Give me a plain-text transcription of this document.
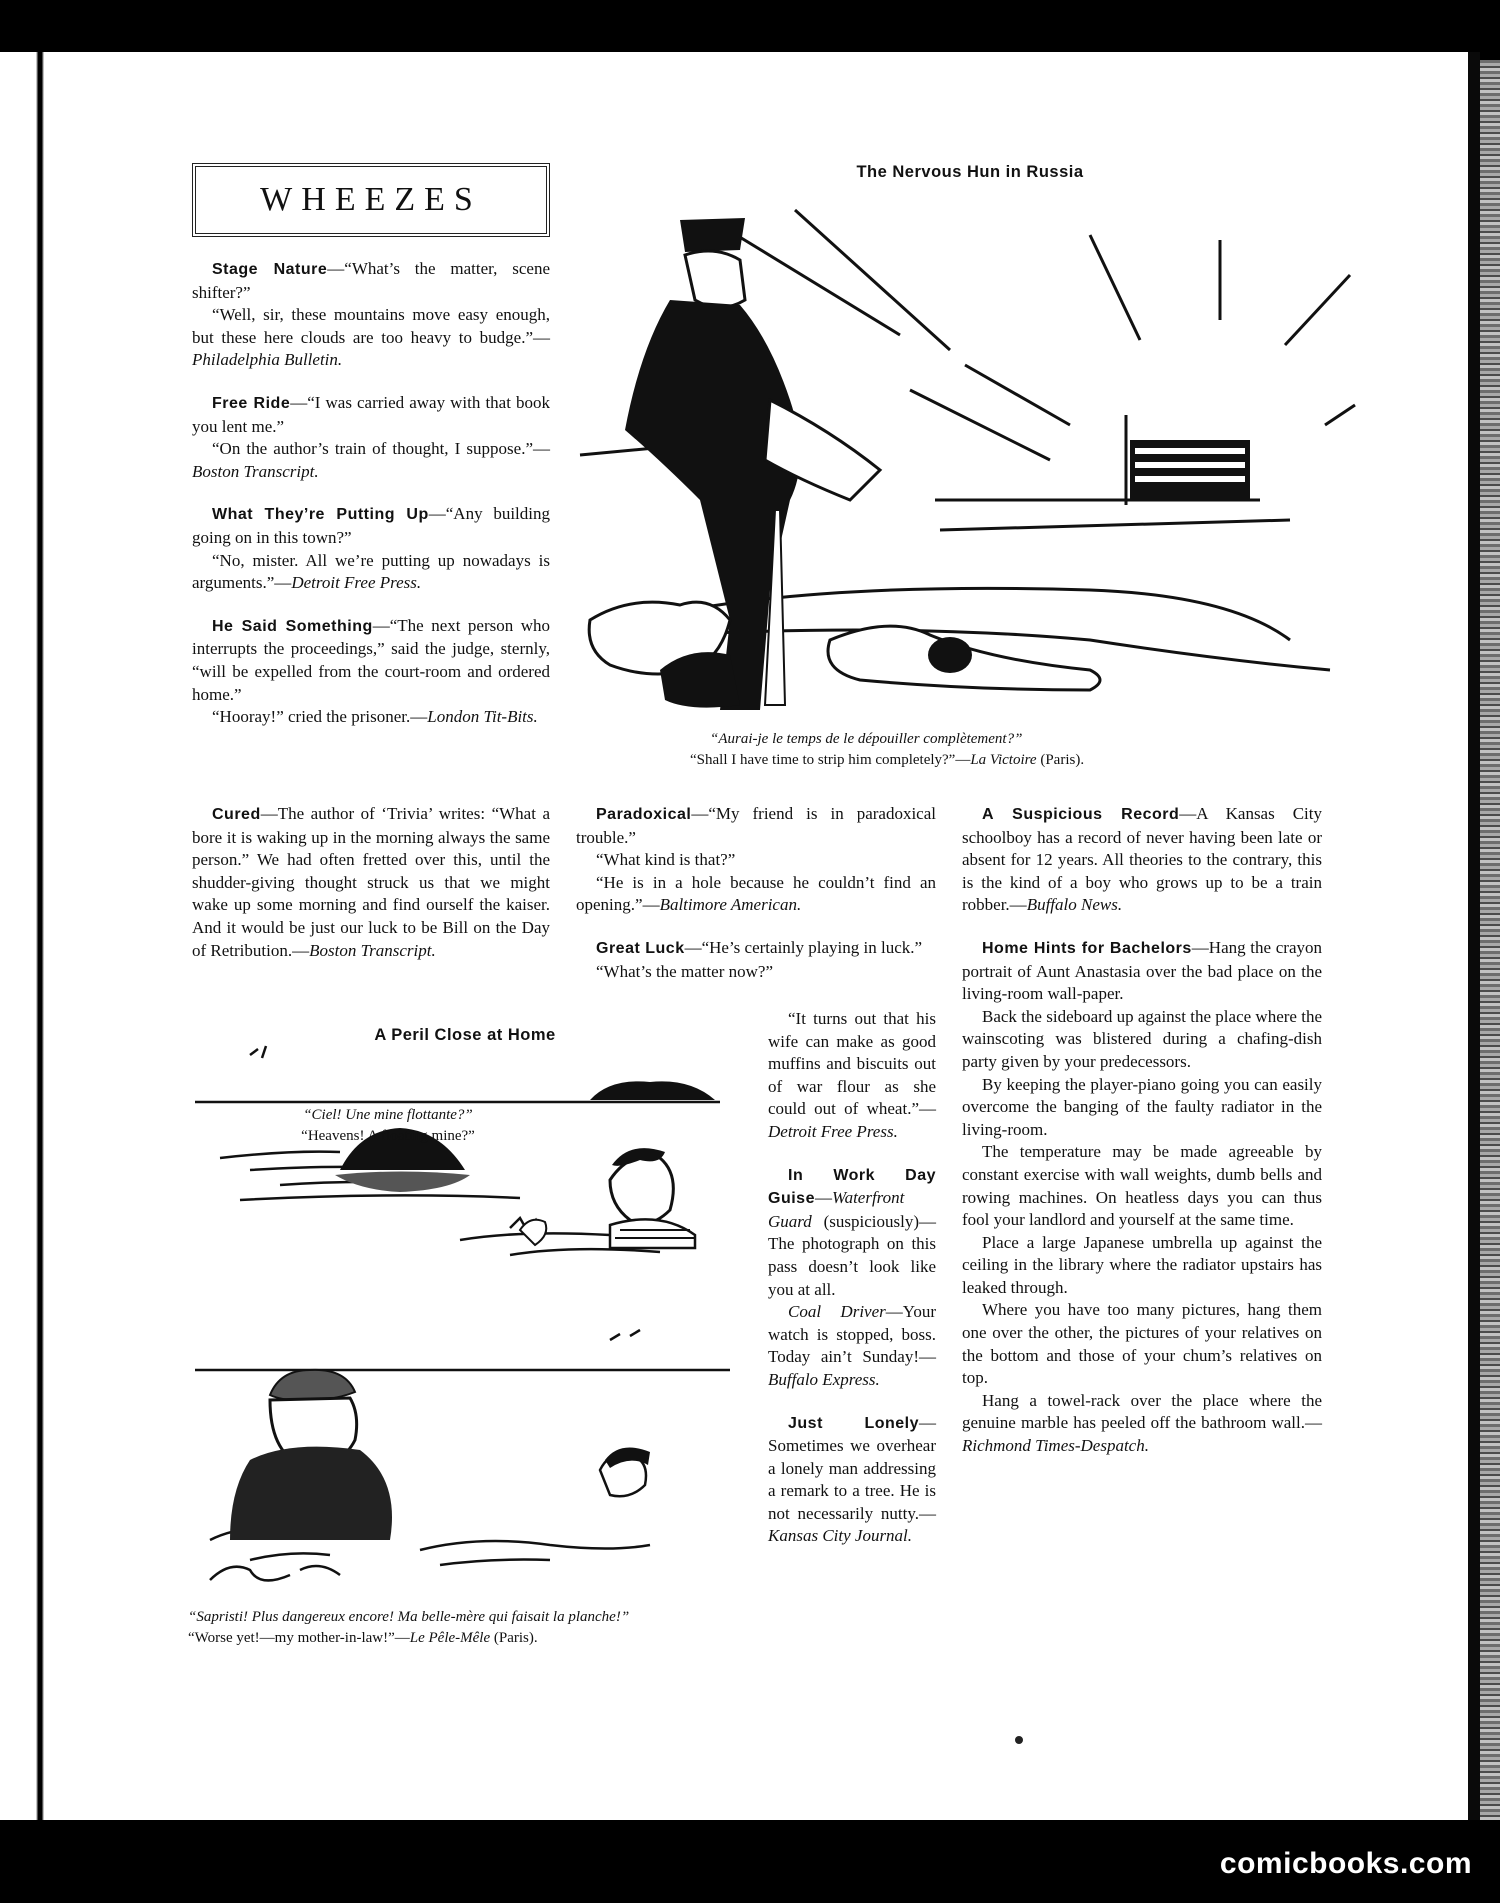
WHEEZES
The Nervous Hun in Russia
“Aurai-je le temps de le dépouiller complètement?”
“Shall I have time to strip him completely?”—La Victoire (Paris).

Stage Nature—“What’s the matter, scene shifter?”

“Well, sir, these mountains move easy enough, but these here clouds are too heavy to budge.”—Philadelphia Bulletin.

Free Ride—“I was carried away with that book you lent me.”

“On the author’s train of thought, I suppose.”—Boston Transcript.

What They’re Putting Up—“Any building going on in this town?”

“No, mister. All we’re putting up nowadays is arguments.”—Detroit Free Press.

He Said Something—“The next person who interrupts the proceedings,” said the judge, sternly, “will be expelled from the court-room and ordered home.”

“Hooray!” cried the prisoner.—London Tit-Bits.

Cured—The author of ‘Trivia’ writes: “What a bore it is waking up in the morning always the same person.” We had often fretted over this, until the shudder-giving thought struck us that we might wake up some morning and find ourself the kaiser. And it would be just our luck to be Bill on the Day of Retribution.—Boston Transcript.

A Peril Close at Home
“Ciel! Une mine flottante?”
“Heavens! A floating mine?”
“Sapristi! Plus dangereux encore! Ma belle-mère qui faisait la planche!”
“Worse yet!—my mother-in-law!”—Le Pêle-Mêle (Paris).

Paradoxical—“My friend is in paradoxical trouble.”

“What kind is that?”

“He is in a hole because he couldn’t find an opening.”—Baltimore American.

Great Luck—“He’s certainly playing in luck.”

“What’s the matter now?”

“It turns out that his wife can make as good muffins and biscuits out of war flour as she could out of wheat.”—Detroit Free Press.

In Work Day Guise—Waterfront Guard (suspiciously)—The photograph on this pass doesn’t look like you at all.

Coal Driver—Your watch is stopped, boss. Today ain’t Sunday!—Buffalo Express.

Just Lonely—Sometimes we overhear a lonely man addressing a remark to a tree. He is not necessarily nutty.—Kansas City Journal.

A Suspicious Record—A Kansas City schoolboy has a record of never having been late or absent for 12 years. All theories to the contrary, this is the kind of a boy who grows up to be a train robber.—Buffalo News.

Home Hints for Bachelors—Hang the crayon portrait of Aunt Anastasia over the bad place on the living-room wall-paper.

Back the sideboard up against the place where the wainscoting was blistered during a chafing-dish party given by your predecessors.

By keeping the player-piano going you can easily overcome the banging of the faulty radiator in the living-room.

The temperature may be made agreeable by constant exercise with wall weights, dumb bells and rowing machines. On heatless days you can thus fool your landlord and yourself at the same time.

Place a large Japanese umbrella up against the ceiling in the library where the radiator upstairs has leaked through.

Where you have too many pictures, hang them one over the other, the pictures of your relatives on the bottom and those of your chum’s relatives on top.

Hang a towel-rack over the place where the genuine marble has peeled off the bathroom wall.—Richmond Times-Despatch.

comicbooks.com
